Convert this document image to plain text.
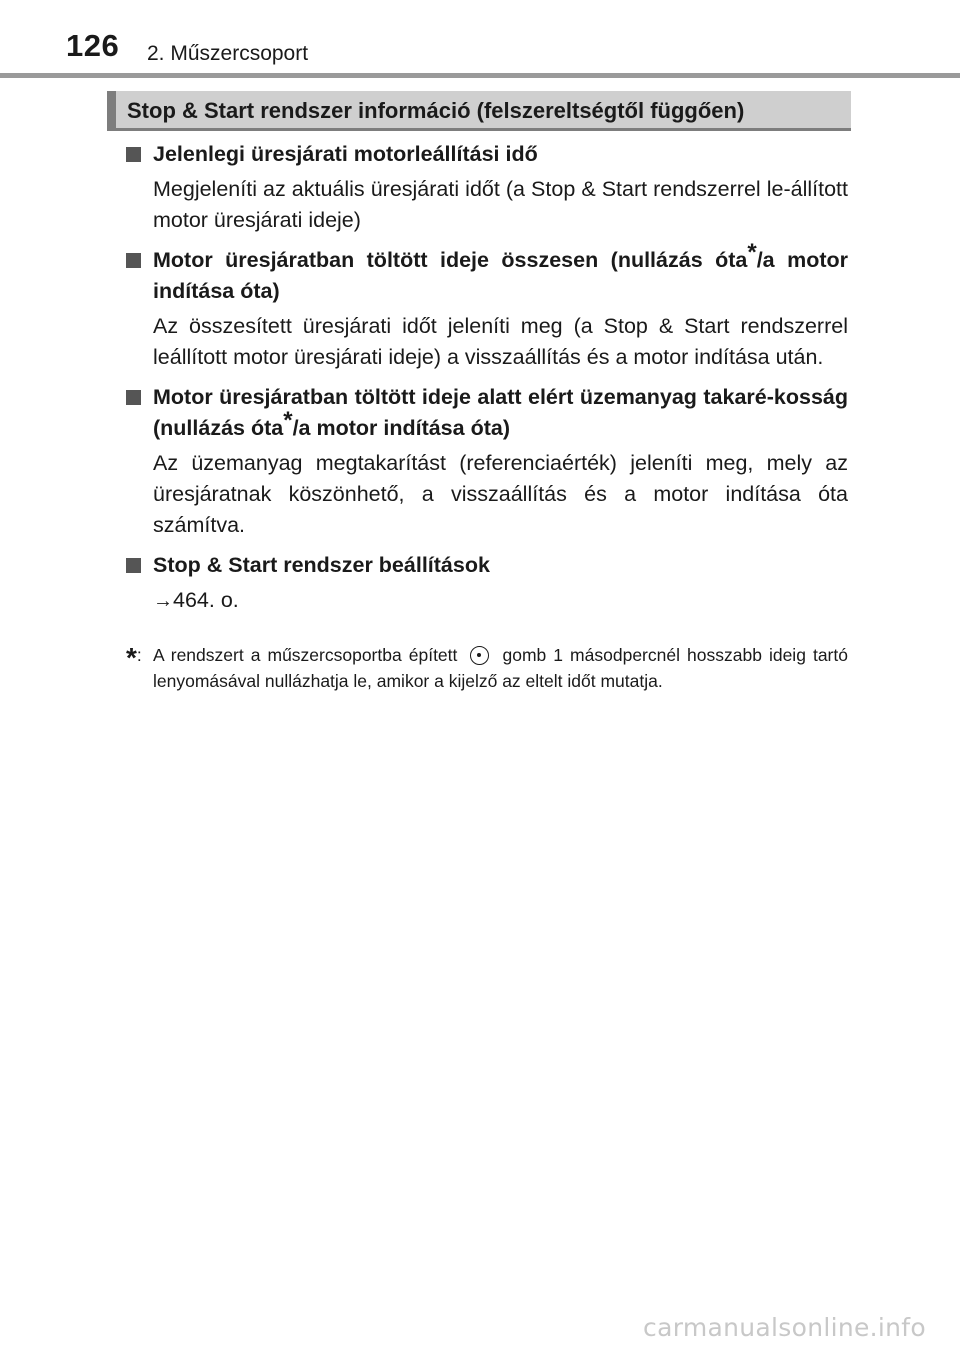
126 2. Műszercsoport
Stop & Start rendszer információ (felszereltségtől függően)
Jelenlegi üresjárati motorleállítási idő
Megjeleníti az aktuális üresjárati időt (a Stop & Start rendszerrel le-állított motor üresjárati ideje)
Motor üresjáratban töltött ideje összesen (nullázás óta*/a motor indítása óta)
Az összesített üresjárati időt jeleníti meg (a Stop & Start rendszerrel leállított motor üresjárati ideje) a visszaállítás és a motor indítása után.
Motor üresjáratban töltött ideje alatt elért üzemanyag takaré-kosság (nullázás óta*/a motor indítása óta)
Az üzemanyag megtakarítást (referenciaérték) jeleníti meg, mely az üresjáratnak köszönhető, a visszaállítás és a motor indítása óta számítva.
Stop & Start rendszer beállítások
→464. o.
*: A rendszert a műszercsoportba épített	gomb 1 másodpercnél hosszabb ideig tartó lenyomásával nullázhatja le, amikor a kijelző az eltelt időt mutatja.
carmanualsonline.info
